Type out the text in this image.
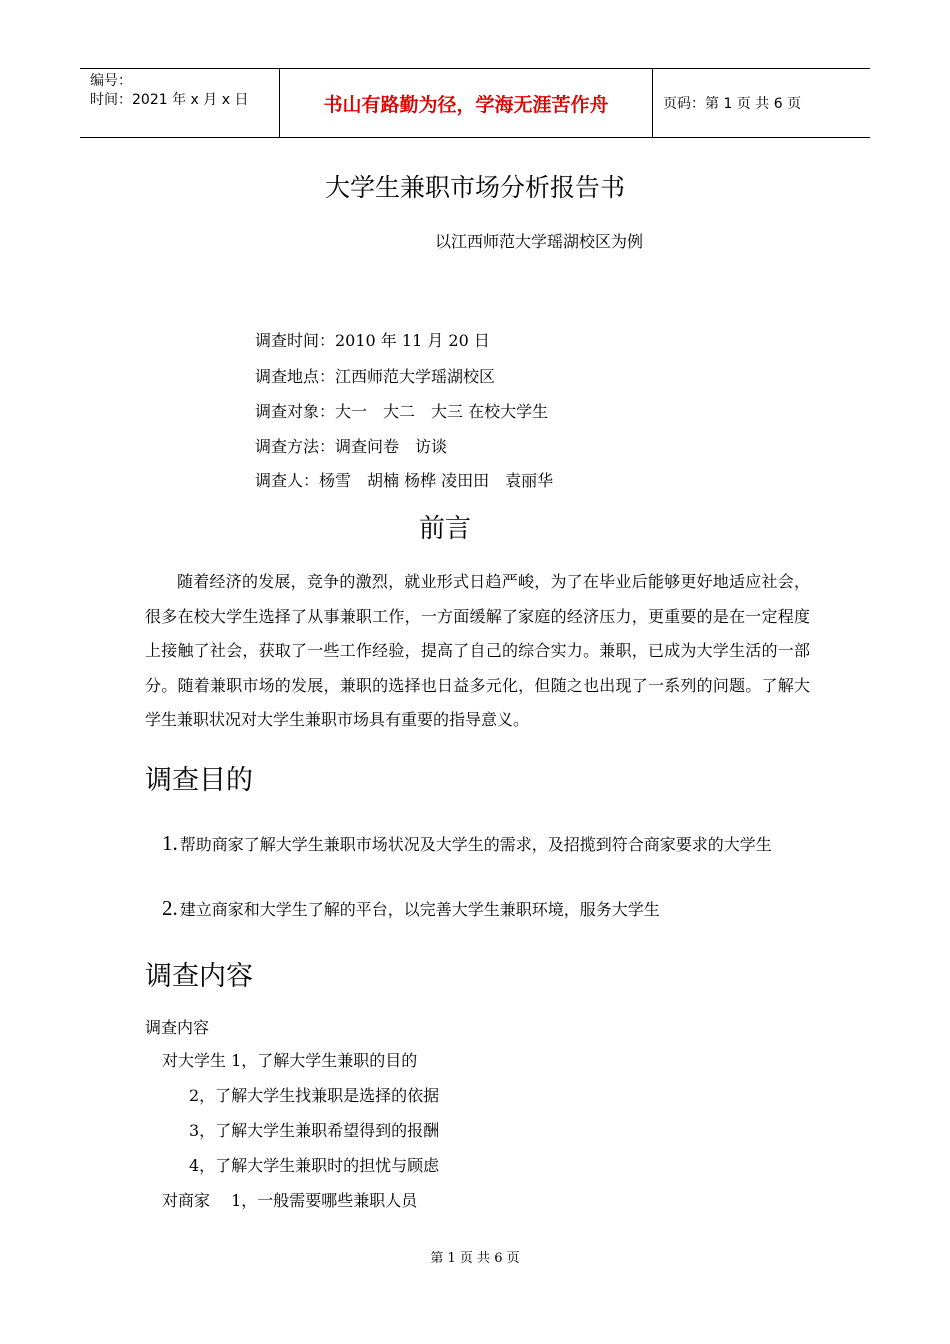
编号：
时间：2021 年 x 月 x 日	书山有路勤为径，学海无涯苦作舟	页码：第 1 页 共 6 页
大学生兼职市场分析报告书
以江西师范大学瑶湖校区为例
调查时间：2010 年 11 月 20 日
调查地点：江西师范大学瑶湖校区
调查对象：大一　大二　大三 在校大学生
调查方法：调查问卷　访谈
调查人：杨雪　胡楠 杨桦 凌田田　袁丽华
前言
随着经济的发展，竞争的激烈，就业形式日趋严峻，为了在毕业后能够更好地适应社会，很多在校大学生选择了从事兼职工作，一方面缓解了家庭的经济压力，更重要的是在一定程度上接触了社会，获取了一些工作经验，提高了自己的综合实力。兼职，已成为大学生活的一部分。随着兼职市场的发展，兼职的选择也日益多元化，但随之也出现了一系列的问题。了解大学生兼职状况对大学生兼职市场具有重要的指导意义。
调查目的
1. 帮助商家了解大学生兼职市场状况及大学生的需求，及招揽到符合商家要求的大学生
2. 建立商家和大学生了解的平台，以完善大学生兼职环境，服务大学生
调查内容
调查内容
对大学生 1，了解大学生兼职的目的
2，了解大学生找兼职是选择的依据
3，了解大学生兼职希望得到的报酬
4，了解大学生兼职时的担忧与顾虑
对商家　 1，一般需要哪些兼职人员
第 1 页 共 6 页
